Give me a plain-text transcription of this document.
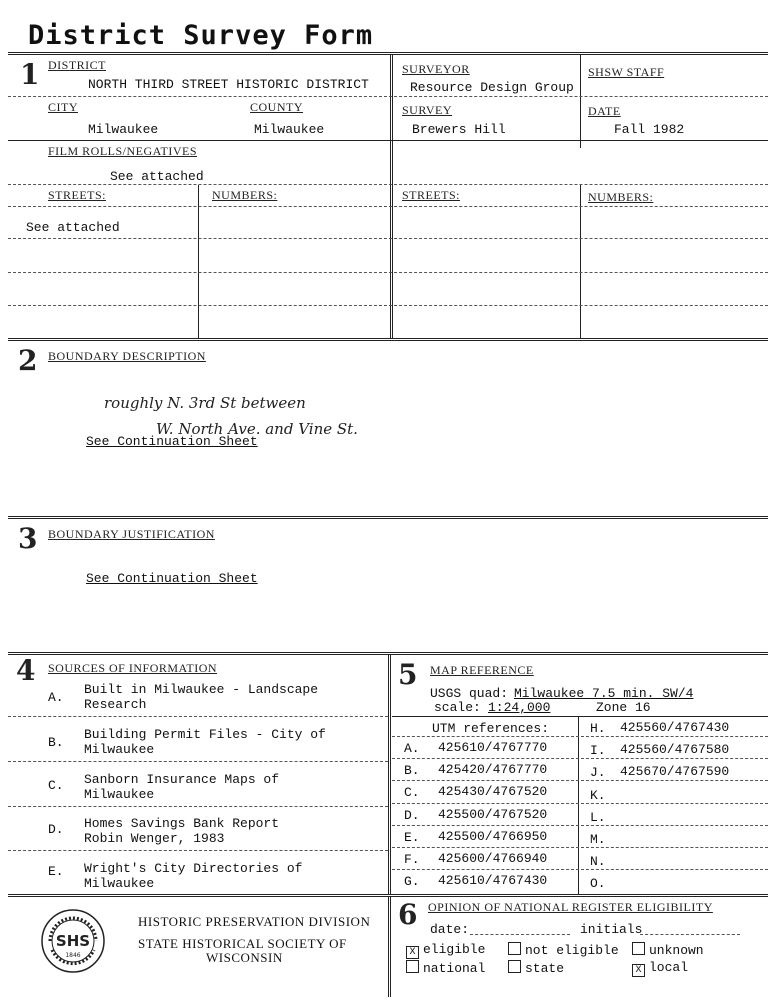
District Survey Form
1 DISTRICT
NORTH THIRD STREET HISTORIC DISTRICT
SURVEYOR
Resource Design Group
SHSW STAFF
CITY
Milwaukee
COUNTY
Milwaukee
SURVEY
Brewers Hill
DATE
Fall 1982
FILM ROLLS/NEGATIVES
See attached
STREETS:	NUMBERS:	STREETS:	NUMBERS:
See attached
2 BOUNDARY DESCRIPTION
roughly N. 3rd St between
W. North Ave. and Vine St.
See Continuation Sheet
3 BOUNDARY JUSTIFICATION
See Continuation Sheet
4 SOURCES OF INFORMATION
A.
Built in Milwaukee - Landscape
Research
B.
Building Permit Files - City of
Milwaukee
C. Sanborn Insurance Maps of
Milwaukee
D. Homes Savings Bank Report
Robin Wenger, 1983
E. Wright's City Directories of
Milwaukee
5 MAP REFERENCE
USGS quad: Milwaukee 7.5 min. SW/4
scale: 1:24,000	Zone 16
UTM references:
A. 425610/4767770
B. 425420/4767770
C. 425430/4767520
D. 425500/4767520
E. 425500/4766950
F. 425600/4766940
G. 425610/4767430
H. 425560/4767430
I. 425560/4767580
J. 425670/4767590
K.
L.
M.
N.
O.
SHS
1846
HISTORIC PRESERVATION DIVISION
STATE HISTORICAL SOCIETY OF
WISCONSIN
6 OPINION OF NATIONAL REGISTER ELIGIBILITY
date:	initials
X eligible	not eligible	unknown
national	state	X local
